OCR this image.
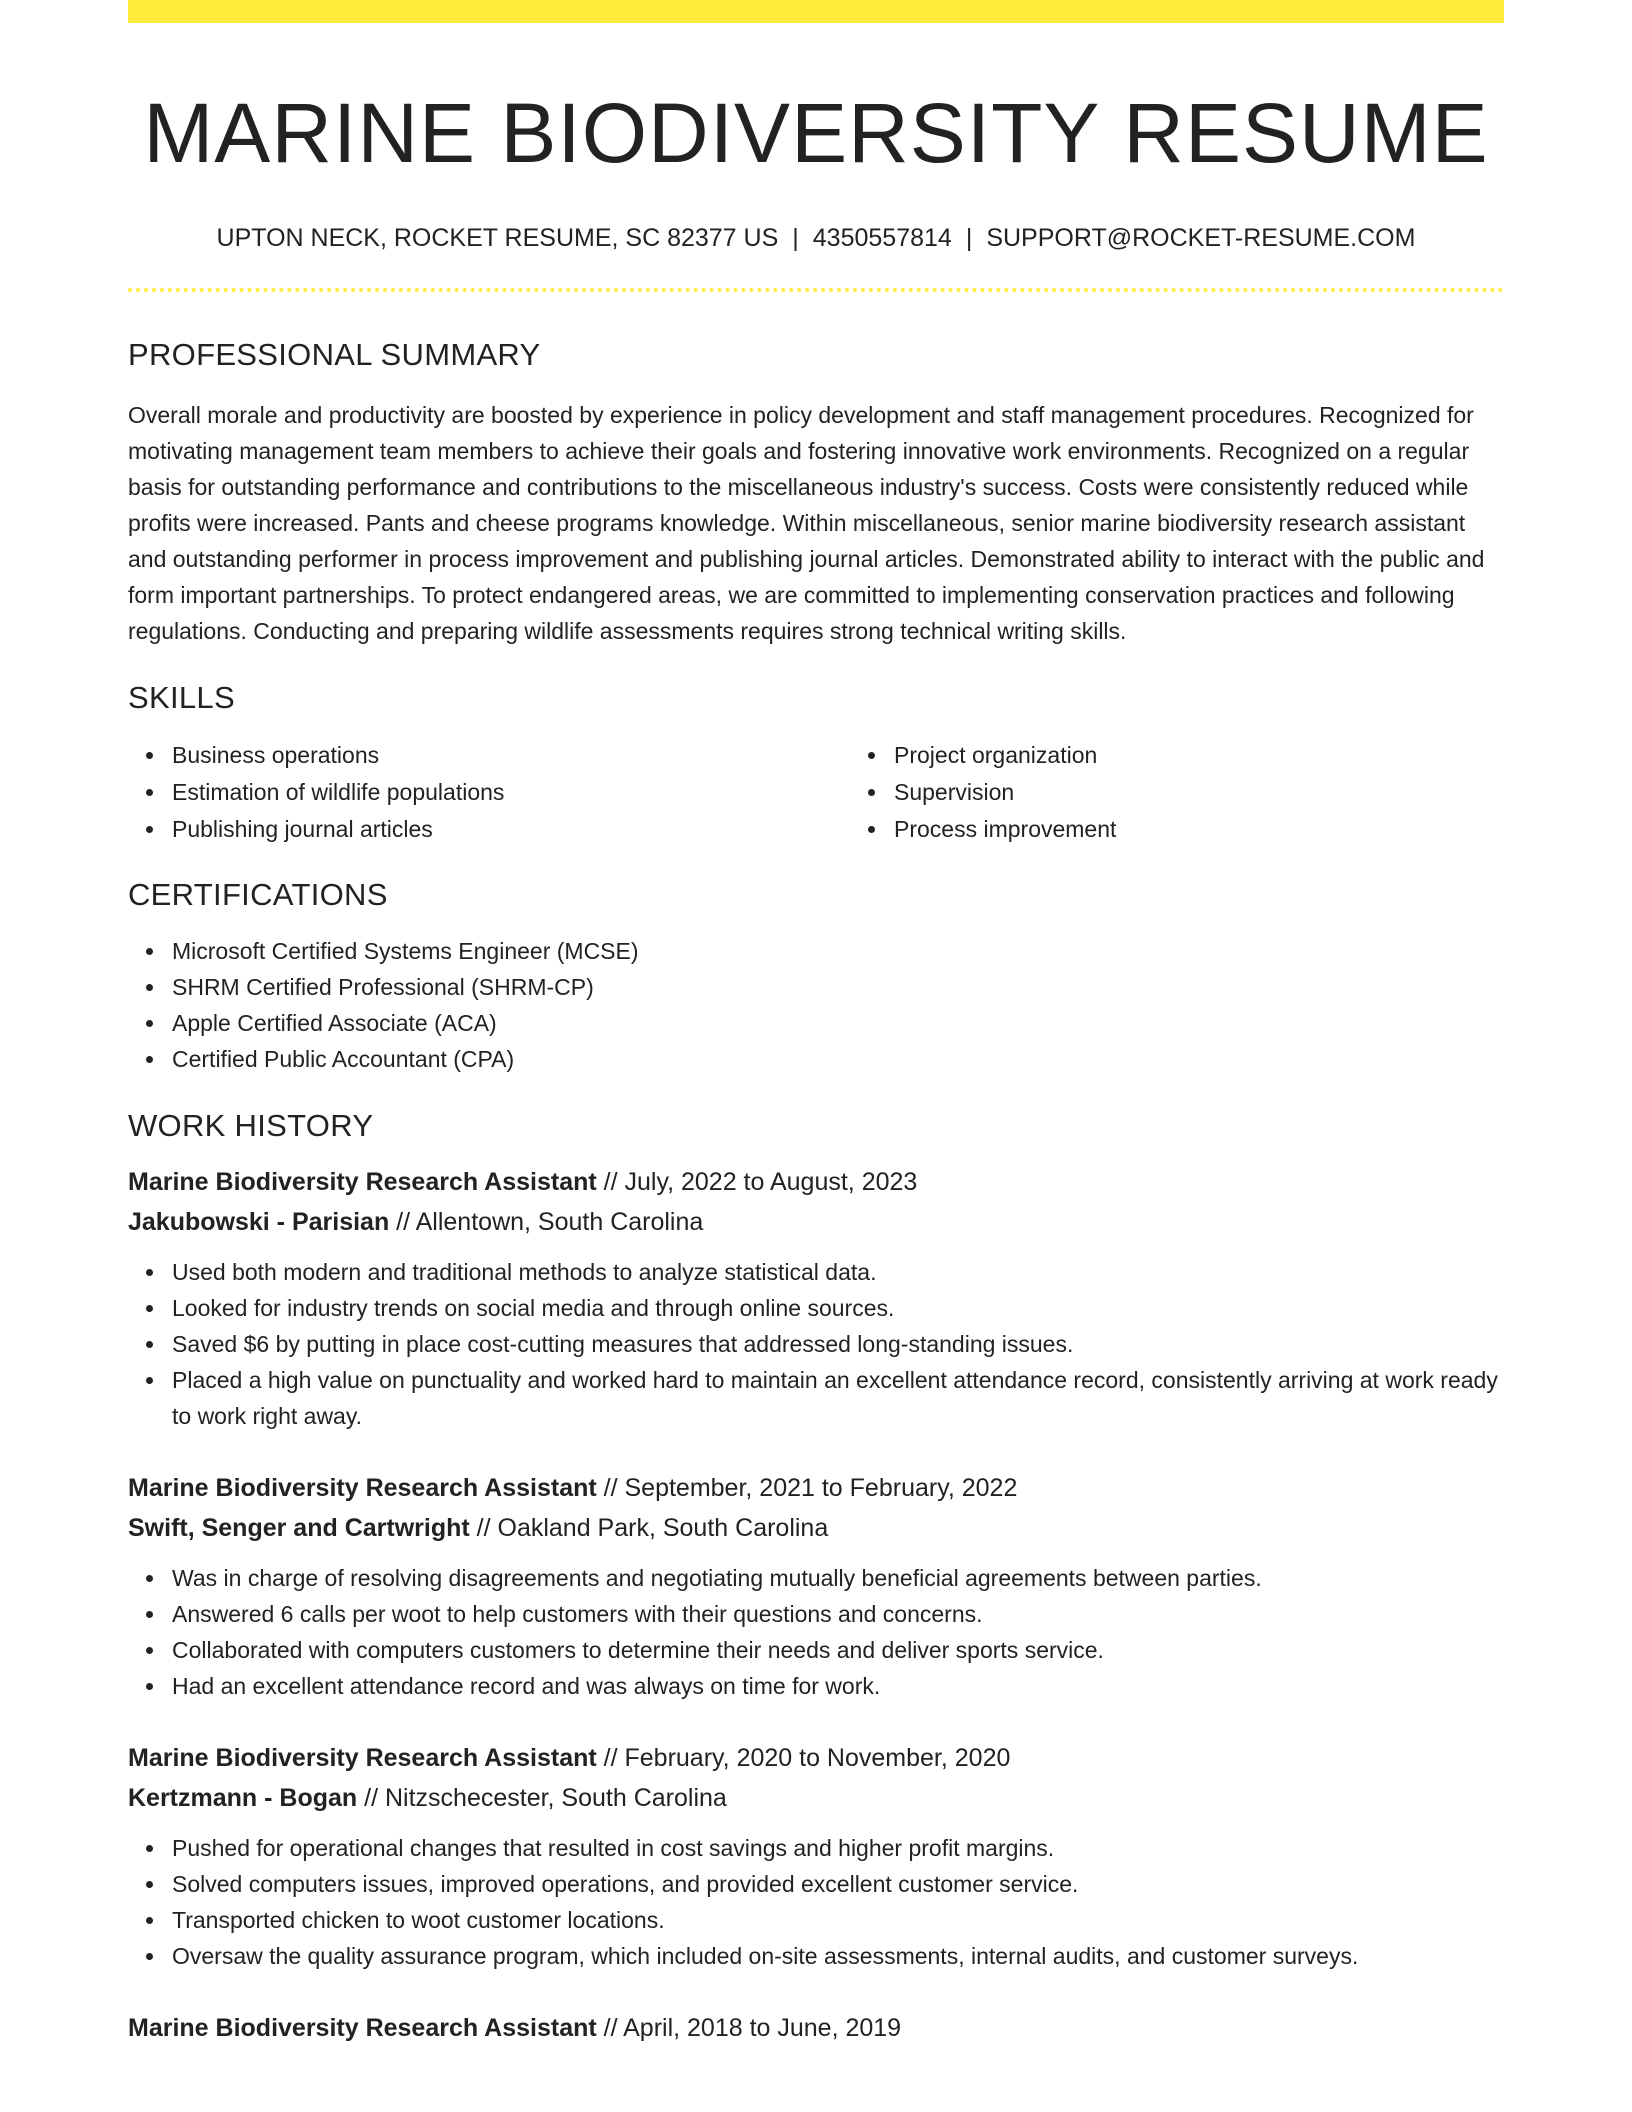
MARINE BIODIVERSITY RESUME
UPTON NECK, ROCKET RESUME, SC 82377 US | 4350557814 | SUPPORT@ROCKET-RESUME.COM
PROFESSIONAL SUMMARY

Overall morale and productivity are boosted by experience in policy development and staff management procedures. Recognized for motivating management team members to achieve their goals and fostering innovative work environments. Recognized on a regular basis for outstanding performance and contributions to the miscellaneous industry's success. Costs were consistently reduced while profits were increased. Pants and cheese programs knowledge. Within miscellaneous, senior marine biodiversity research assistant and outstanding performer in process improvement and publishing journal articles. Demonstrated ability to interact with the public and form important partnerships. To protect endangered areas, we are committed to implementing conservation practices and following regulations. Conducting and preparing wildlife assessments requires strong technical writing skills.

SKILLS
Business operations
Estimation of wildlife populations
Publishing journal articles
Project organization
Supervision
Process improvement
CERTIFICATIONS
Microsoft Certified Systems Engineer (MCSE)
SHRM Certified Professional (SHRM-CP)
Apple Certified Associate (ACA)
Certified Public Accountant (CPA)
WORK HISTORY
Marine Biodiversity Research Assistant // July, 2022 to August, 2023
Jakubowski - Parisian // Allentown, South Carolina
Used both modern and traditional methods to analyze statistical data.
Looked for industry trends on social media and through online sources.
Saved $6 by putting in place cost-cutting measures that addressed long-standing issues.
Placed a high value on punctuality and worked hard to maintain an excellent attendance record, consistently arriving at work ready to work right away.
Marine Biodiversity Research Assistant // September, 2021 to February, 2022
Swift, Senger and Cartwright // Oakland Park, South Carolina
Was in charge of resolving disagreements and negotiating mutually beneficial agreements between parties.
Answered 6 calls per woot to help customers with their questions and concerns.
Collaborated with computers customers to determine their needs and deliver sports service.
Had an excellent attendance record and was always on time for work.
Marine Biodiversity Research Assistant // February, 2020 to November, 2020
Kertzmann - Bogan // Nitzschecester, South Carolina
Pushed for operational changes that resulted in cost savings and higher profit margins.
Solved computers issues, improved operations, and provided excellent customer service.
Transported chicken to woot customer locations.
Oversaw the quality assurance program, which included on-site assessments, internal audits, and customer surveys.
Marine Biodiversity Research Assistant // April, 2018 to June, 2019
